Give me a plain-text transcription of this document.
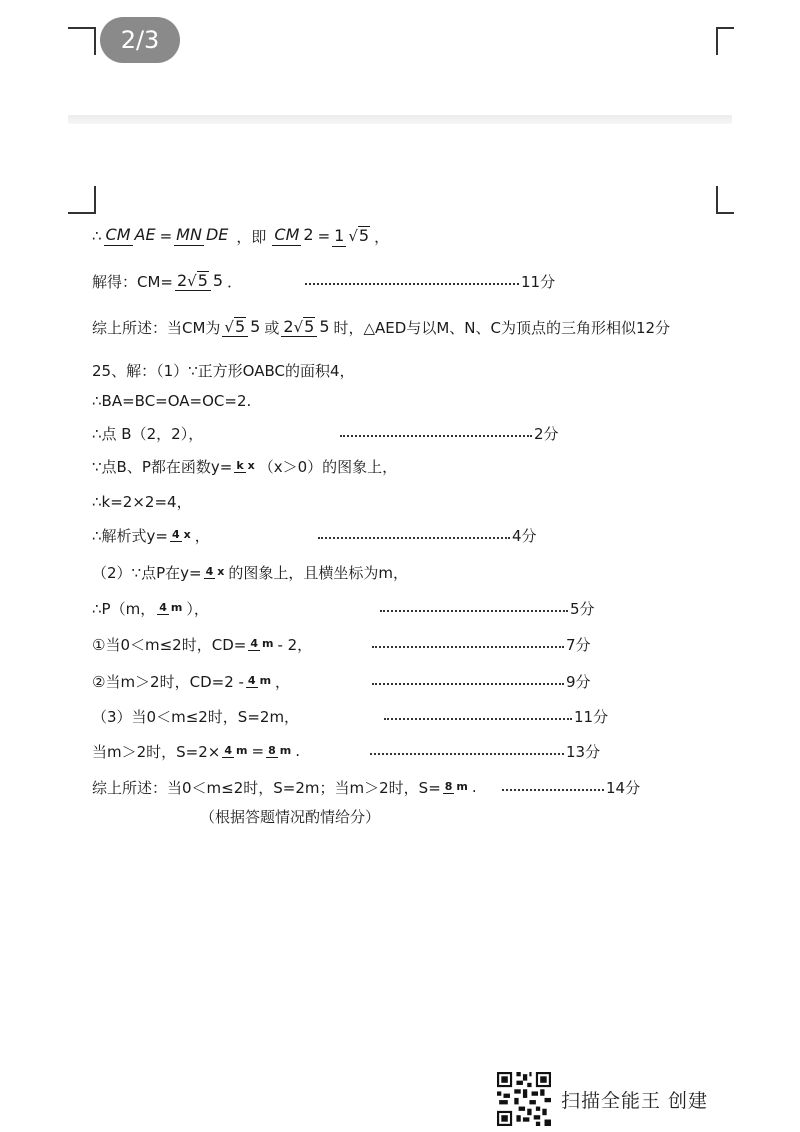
2/3
∴ CM AE = MN DE ，即 CM 2 = 1 √5 ，
解得：CM= 2√5 5 ．	11分
综上所述：当CM为 √5 5 或 2√5 5 时，△AED与以M、N、C为顶点的三角形相似12分
25、解：（1）∵正方形OABC的面积4，
∴BA=BC=OA=OC=2.
∴点 B（2，2），	2分
∵点B、P都在函数y= k x （x＞0）的图象上，
∴k=2×2=4，
∴解析式y= 4 x ，	4分
（2）∵点P在y= 4 x 的图象上，且横坐标为m，
∴P（m， 4 m ），	5分
①当0＜m≤2时，CD= 4 m - 2，	7分
②当m＞2时，CD=2 - 4 m ，	9分
（3）当0＜m≤2时，S=2m，	11分
当m＞2时，S=2× 4 m = 8 m .	13分
综上所述：当0＜m≤2时，S=2m；当m＞2时，S= 8 m .	14分
（根据答题情况酌情给分）
扫描全能王 创建
